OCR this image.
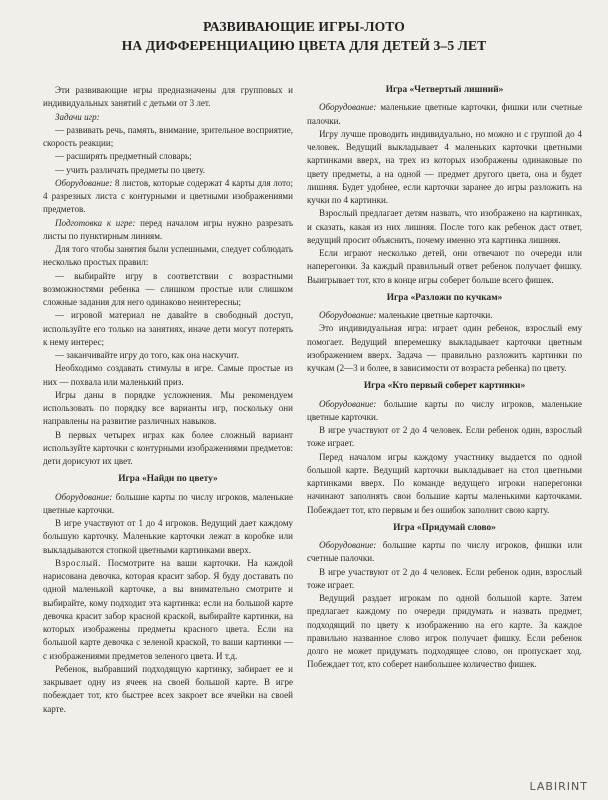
РАЗВИВАЮЩИЕ ИГРЫ-ЛОТО
НА ДИФФЕРЕНЦИАЦИЮ ЦВЕТА ДЛЯ ДЕТЕЙ 3–5 ЛЕТ

Эти развивающие игры предназначены для групповых и индивидуальных занятий с детьми от 3 лет.

Задачи игр:

— развивать речь, память, внимание, зрительное восприятие, скорость реакции;

— расширять предметный словарь;

— учить различать предметы по цвету.

Оборудование: 8 листов, которые содержат 4 карты для лото; 4 разрезных листа с контурными и цветными изображениями предметов.

Подготовка к игре: перед началом игры нужно разрезать листы по пунктирным линиям.

Для того чтобы занятия были успешными, следует соблюдать несколько простых правил:

— выбирайте игру в соответствии с возрастными возможностями ребенка — слишком простые или слишком сложные задания для него одинаково неинтересны;

— игровой материал не давайте в свободный доступ, используйте его только на занятиях, иначе дети могут потерять к нему интерес;

— заканчивайте игру до того, как она наскучит.

Необходимо создавать стимулы в игре. Самые простые из них — похвала или маленький приз.

Игры даны в порядке усложнения. Мы рекомендуем использовать по порядку все варианты игр, поскольку они направлены на развитие различных навыков.

В первых четырех играх как более сложный вариант используйте карточки с контурными изображениями предметов: дети дорисуют их цвет.

Игра «Найди по цвету»

Оборудование: большие карты по числу игроков, маленькие цветные карточки.

В игре участвуют от 1 до 4 игроков. Ведущий дает каждому большую карточку. Маленькие карточки лежат в коробке или выкладываются стопкой цветными картинками вверх.

Взрослый. Посмотрите на ваши карточки. На каждой нарисована девочка, которая красит забор. Я буду доставать по одной маленькой карточке, а вы внимательно смотрите и выбирайте, кому подходит эта картинка: если на большой карте девочка красит забор красной краской, выбирайте картинки, на которых изображены предметы красного цвета. Если на большой карте девочка с зеленой краской, то ваши картинки — с изображениями предметов зеленого цвета. И т.д.

Ребенок, выбравший подходящую картинку, забирает ее и закрывает одну из ячеек на своей большой карте. В игре побеждает тот, кто быстрее всех закроет все ячейки на своей карте.

Игра «Четвертый лишний»

Оборудование: маленькие цветные карточки, фишки или счетные палочки.

Игру лучше проводить индивидуально, но можно и с группой до 4 человек. Ведущий выкладывает 4 маленьких карточки цветными картинками вверх, на трех из которых изображены одинаковые по цвету предметы, а на одной — предмет другого цвета, она и будет лишняя. Будет удобнее, если карточки заранее до игры разложить на кучки по 4 картинки.

Взрослый предлагает детям назвать, что изображено на картинках, и сказать, какая из них лишняя. После того как ребенок даст ответ, ведущий просит объяснить, почему именно эта картинка лишняя.

Если играют несколько детей, они отвечают по очереди или наперегонки. За каждый правильный ответ ребенок получает фишку. Выигрывает тот, кто в конце игры соберет больше всего фишек.

Игра «Разложи по кучкам»

Оборудование: маленькие цветные карточки.

Это индивидуальная игра: играет один ребенок, взрослый ему помогает. Ведущий вперемешку выкладывает карточки цветным изображением вверх. Задача — правильно разложить картинки по кучкам (2—3 и более, в зависимости от возраста ребенка) по цвету.

Игра «Кто первый соберет картинки»

Оборудование: большие карты по числу игроков, маленькие цветные карточки.

В игре участвуют от 2 до 4 человек. Если ребенок один, взрослый тоже играет.

Перед началом игры каждому участнику выдается по одной большой карте. Ведущий карточки выкладывает на стол цветными картинками вверх. По команде ведущего игроки наперегонки начинают заполнять свои большие карты маленькими карточками. Побеждает тот, кто первым и без ошибок заполнит свою карту.

Игра «Придумай слово»

Оборудование: большие карты по числу игроков, фишки или счетные палочки.

В игре участвуют от 2 до 4 человек. Если ребенок один, взрослый тоже играет.

Ведущий раздает игрокам по одной большой карте. Затем предлагает каждому по очереди придумать и назвать предмет, подходящий по цвету к изображению на его карте. За каждое правильно названное слово игрок получает фишку. Если ребенок долго не может придумать подходящее слово, он пропускает ход. Побеждает тот, кто соберет наибольшее количество фишек.

LABIRINT
